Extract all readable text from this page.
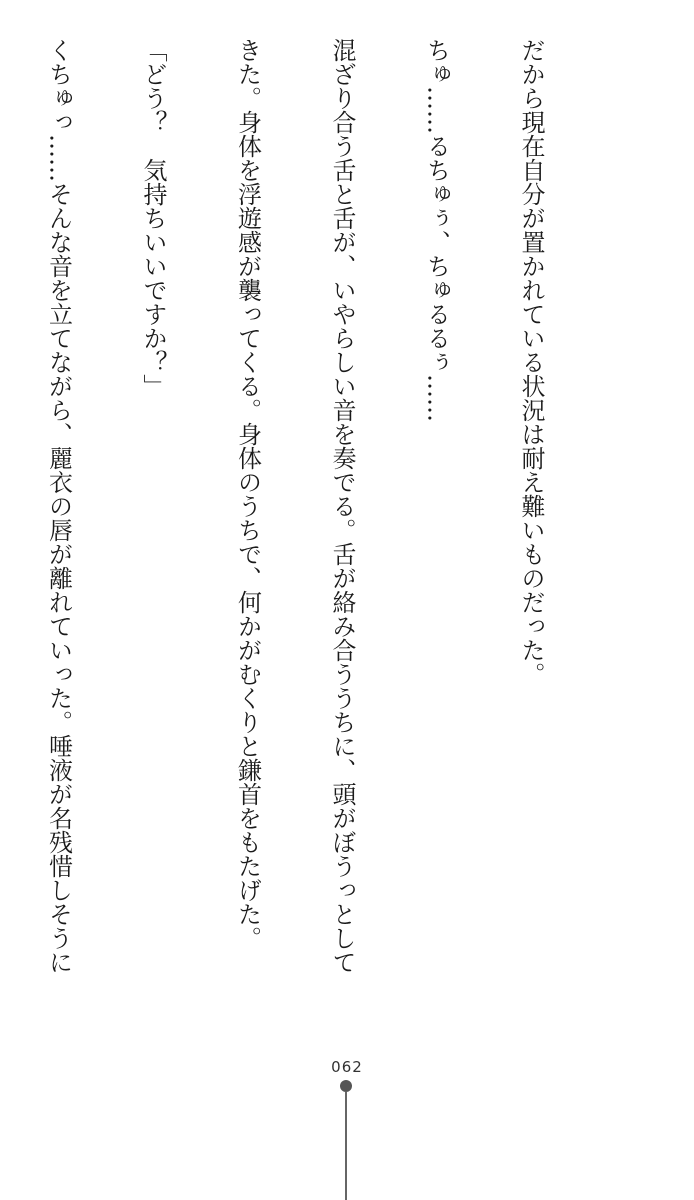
だから現在自分が置かれている状況は耐え難いものだった。

ちゅ……るちゅぅ、ちゅるるぅ……

混ざり合う舌と舌が、いやらしい音を奏でる。舌が絡み合ううちに、頭がぼうっとして

きた。身体を浮遊感が襲ってくる。身体のうちで、何かがむくりと鎌首をもたげた。

「どう？　気持ちいいですか？」

くちゅっ……そんな音を立てながら、麗衣の唇が離れていった。唾液が名残惜しそうに

062
